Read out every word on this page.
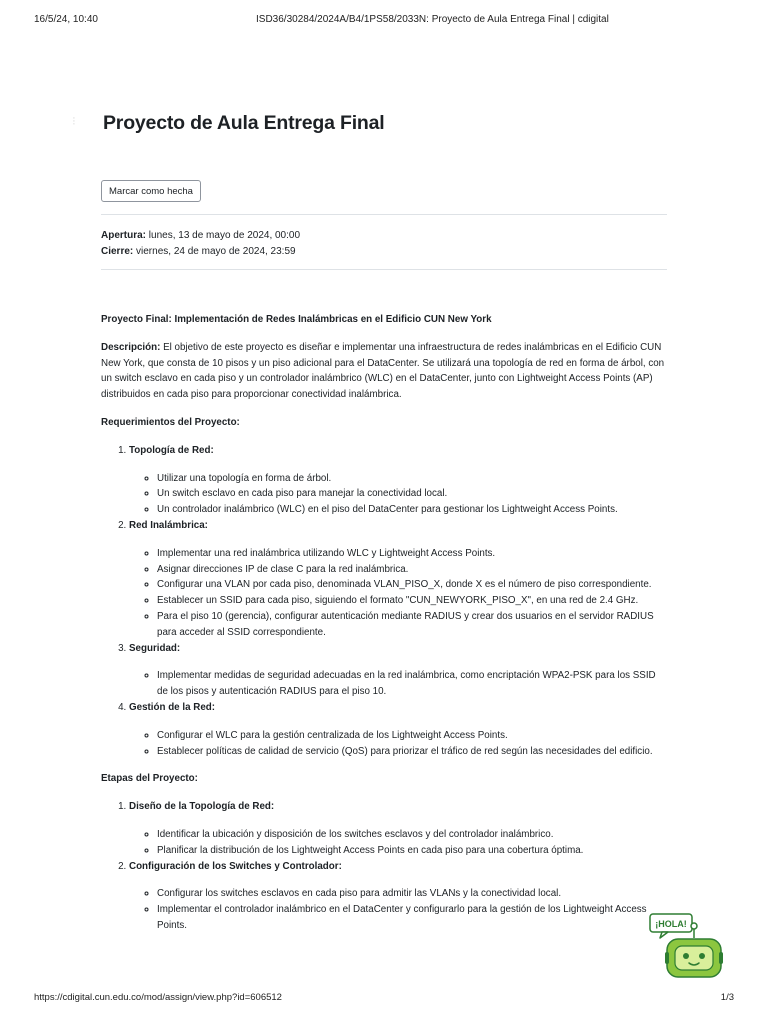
16/5/24, 10:40	ISD36/30284/2024A/B4/1PS58/2033N: Proyecto de Aula Entrega Final | cdigital
⁝	Proyecto de Aula Entrega Final
Marcar como hecha
Apertura: lunes, 13 de mayo de 2024, 00:00
Cierre: viernes, 24 de mayo de 2024, 23:59

Proyecto Final: Implementación de Redes Inalámbricas en el Edificio CUN New York

Descripción: El objetivo de este proyecto es diseñar e implementar una infraestructura de redes inalámbricas en el Edificio CUN New York, que consta de 10 pisos y un piso adicional para el DataCenter. Se utilizará una topología de red en forma de árbol, con un switch esclavo en cada piso y un controlador inalámbrico (WLC) en el DataCenter, junto con Lightweight Access Points (AP) distribuidos en cada piso para proporcionar conectividad inalámbrica.

Requerimientos del Proyecto:

1. Topología de Red:
◦ Utilizar una topología en forma de árbol.
◦ Un switch esclavo en cada piso para manejar la conectividad local.
◦ Un controlador inalámbrico (WLC) en el piso del DataCenter para gestionar los Lightweight Access Points.
2. Red Inalámbrica:
◦ Implementar una red inalámbrica utilizando WLC y Lightweight Access Points.
◦ Asignar direcciones IP de clase C para la red inalámbrica.
◦ Configurar una VLAN por cada piso, denominada VLAN_PISO_X, donde X es el número de piso correspondiente.
◦ Establecer un SSID para cada piso, siguiendo el formato "CUN_NEWYORK_PISO_X", en una red de 2.4 GHz.
◦ Para el piso 10 (gerencia), configurar autenticación mediante RADIUS y crear dos usuarios en el servidor RADIUS para acceder al SSID correspondiente.
3. Seguridad:
◦ Implementar medidas de seguridad adecuadas en la red inalámbrica, como encriptación WPA2-PSK para los SSID de los pisos y autenticación RADIUS para el piso 10.
4. Gestión de la Red:
◦ Configurar el WLC para la gestión centralizada de los Lightweight Access Points.
◦ Establecer políticas de calidad de servicio (QoS) para priorizar el tráfico de red según las necesidades del edificio.

Etapas del Proyecto:

1. Diseño de la Topología de Red:
◦ Identificar la ubicación y disposición de los switches esclavos y del controlador inalámbrico.
◦ Planificar la distribución de los Lightweight Access Points en cada piso para una cobertura óptima.
2. Configuración de los Switches y Controlador:
◦ Configurar los switches esclavos en cada piso para admitir las VLANs y la conectividad local.
◦ Implementar el controlador inalámbrico en el DataCenter y configurarlo para la gestión de los Lightweight Access Points.	¡HOLA!
https://cdigital.cun.edu.co/mod/assign/view.php?id=606512	1/3
